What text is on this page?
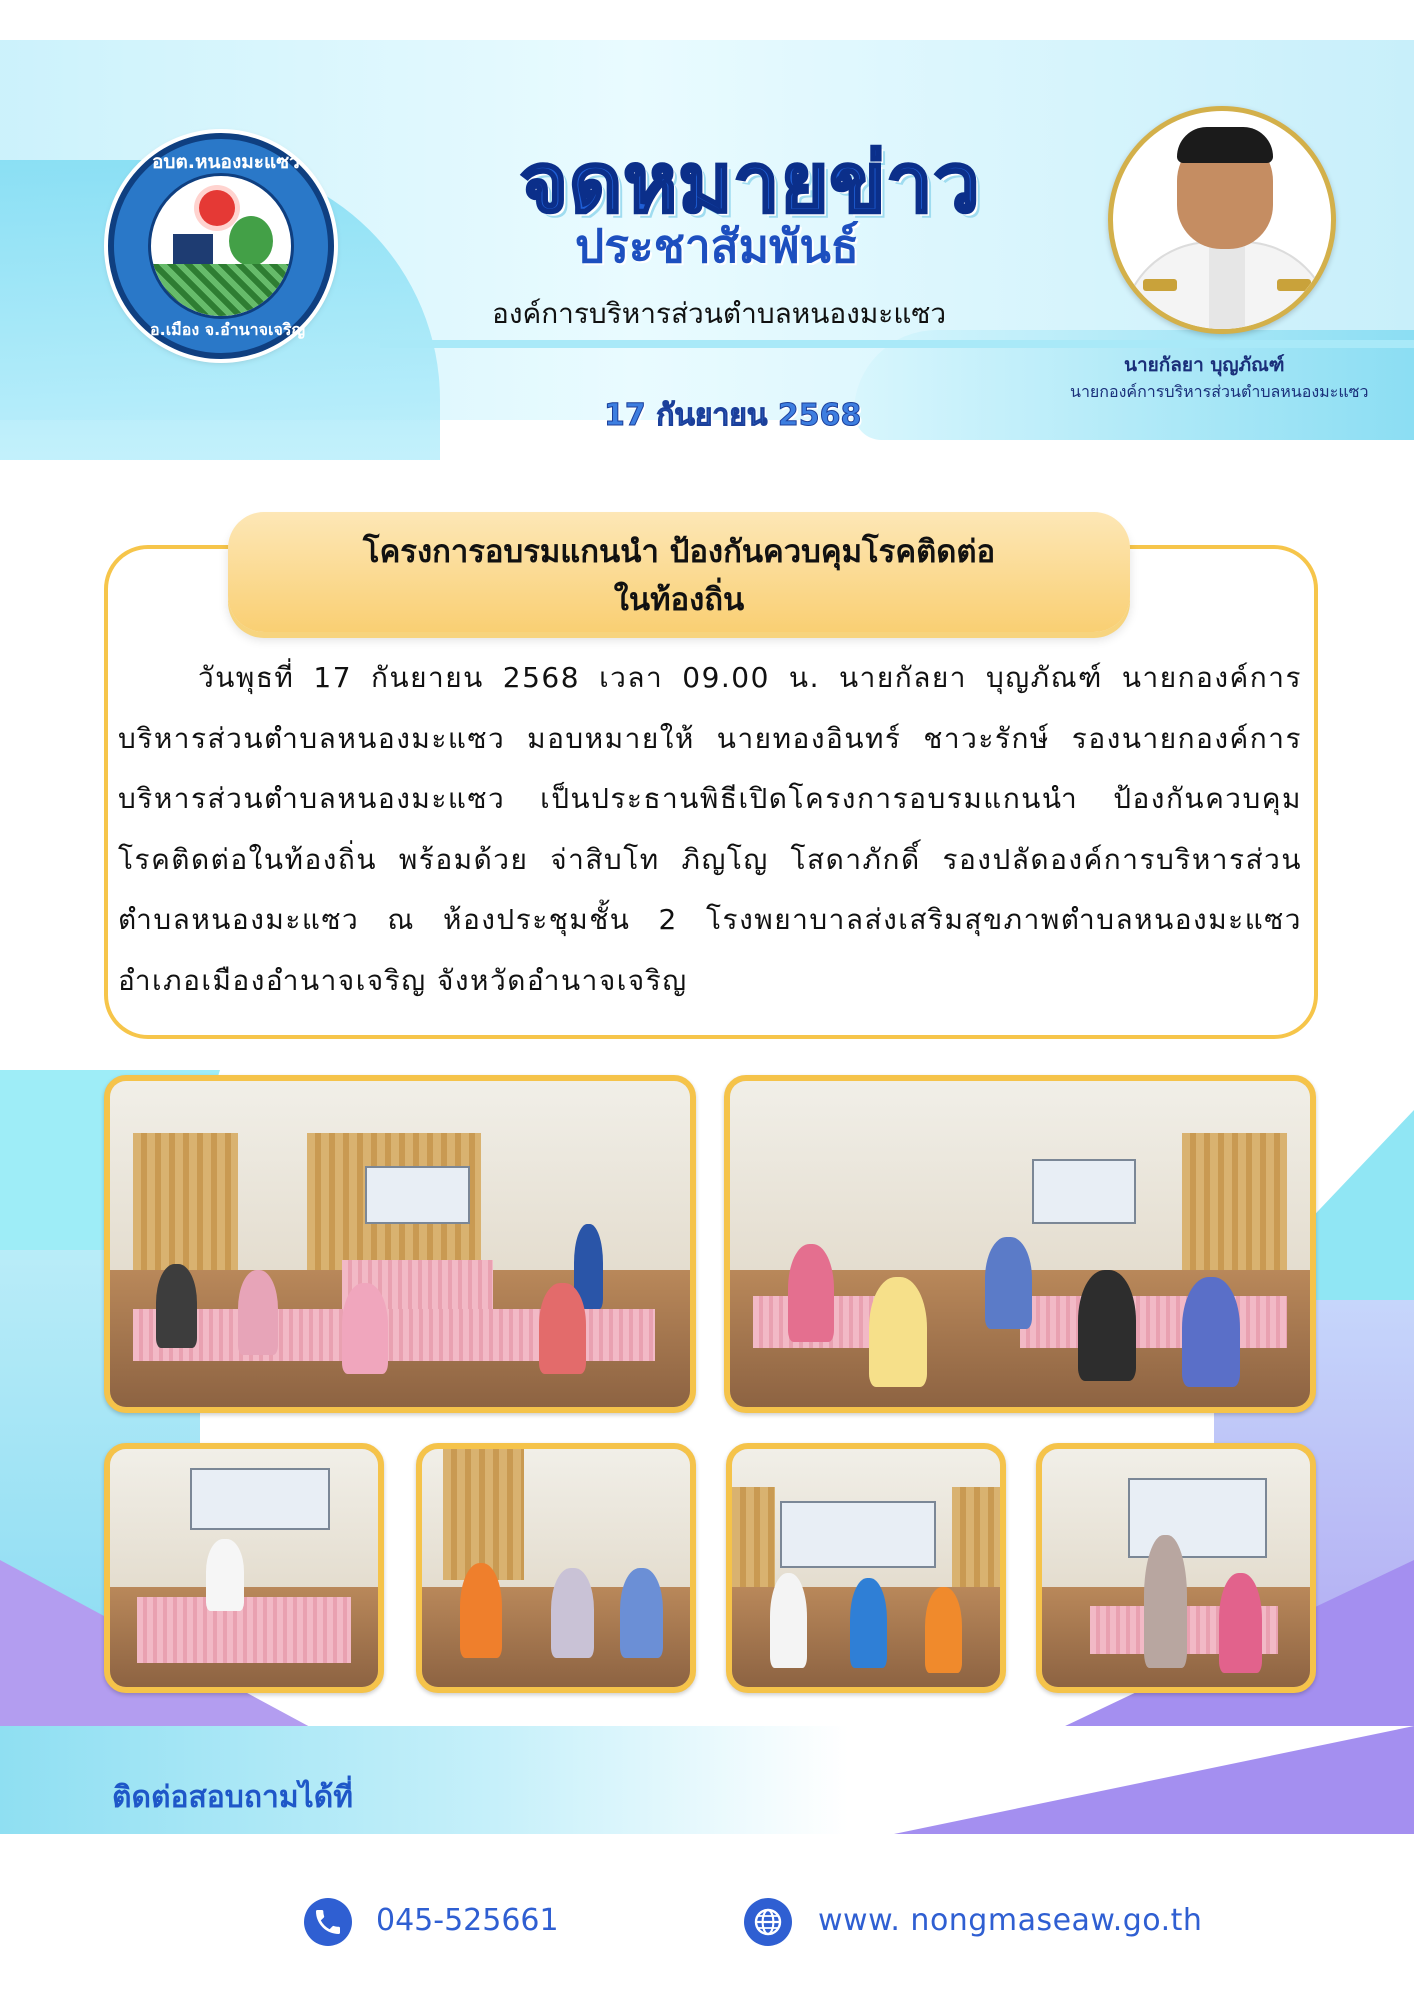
อบต.หนองมะแซว
อ.เมือง จ.อำนาจเจริญ
จดหมายข่าว
ประชาสัมพันธ์
องค์การบริหารส่วนตำบลหนองมะแซว
17 กันยายน 2568
นายกัลยา บุญภัณฑ์
นายกองค์การบริหารส่วนตำบลหนองมะแซว
โครงการอบรมแกนนำ ป้องกันควบคุมโรคติดต่อ
ในท้องถิ่น

วันพุธที่ 17 กันยายน 2568 เวลา 09.00 น. นายกัลยา บุญภัณฑ์ นายกองค์การบริหารส่วนตำบลหนองมะแซว มอบหมายให้ นายทองอินทร์ ชาวะรักษ์ รองนายกองค์การบริหารส่วนตำบลหนองมะแซว เป็นประธานพิธีเปิดโครงการอบรมแกนนำ ป้องกันควบคุมโรคติดต่อในท้องถิ่น พร้อมด้วย จ่าสิบโท ภิญโญ โสดาภักดิ์ รองปลัดองค์การบริหารส่วนตำบลหนองมะแซว ณ ห้องประชุมชั้น 2 โรงพยาบาลส่งเสริมสุขภาพตำบลหนองมะแซว อำเภอเมืองอำนาจเจริญ จังหวัดอำนาจเจริญ

ติดต่อสอบถามได้ที่
045-525661	www. nongmaseaw.go.th
